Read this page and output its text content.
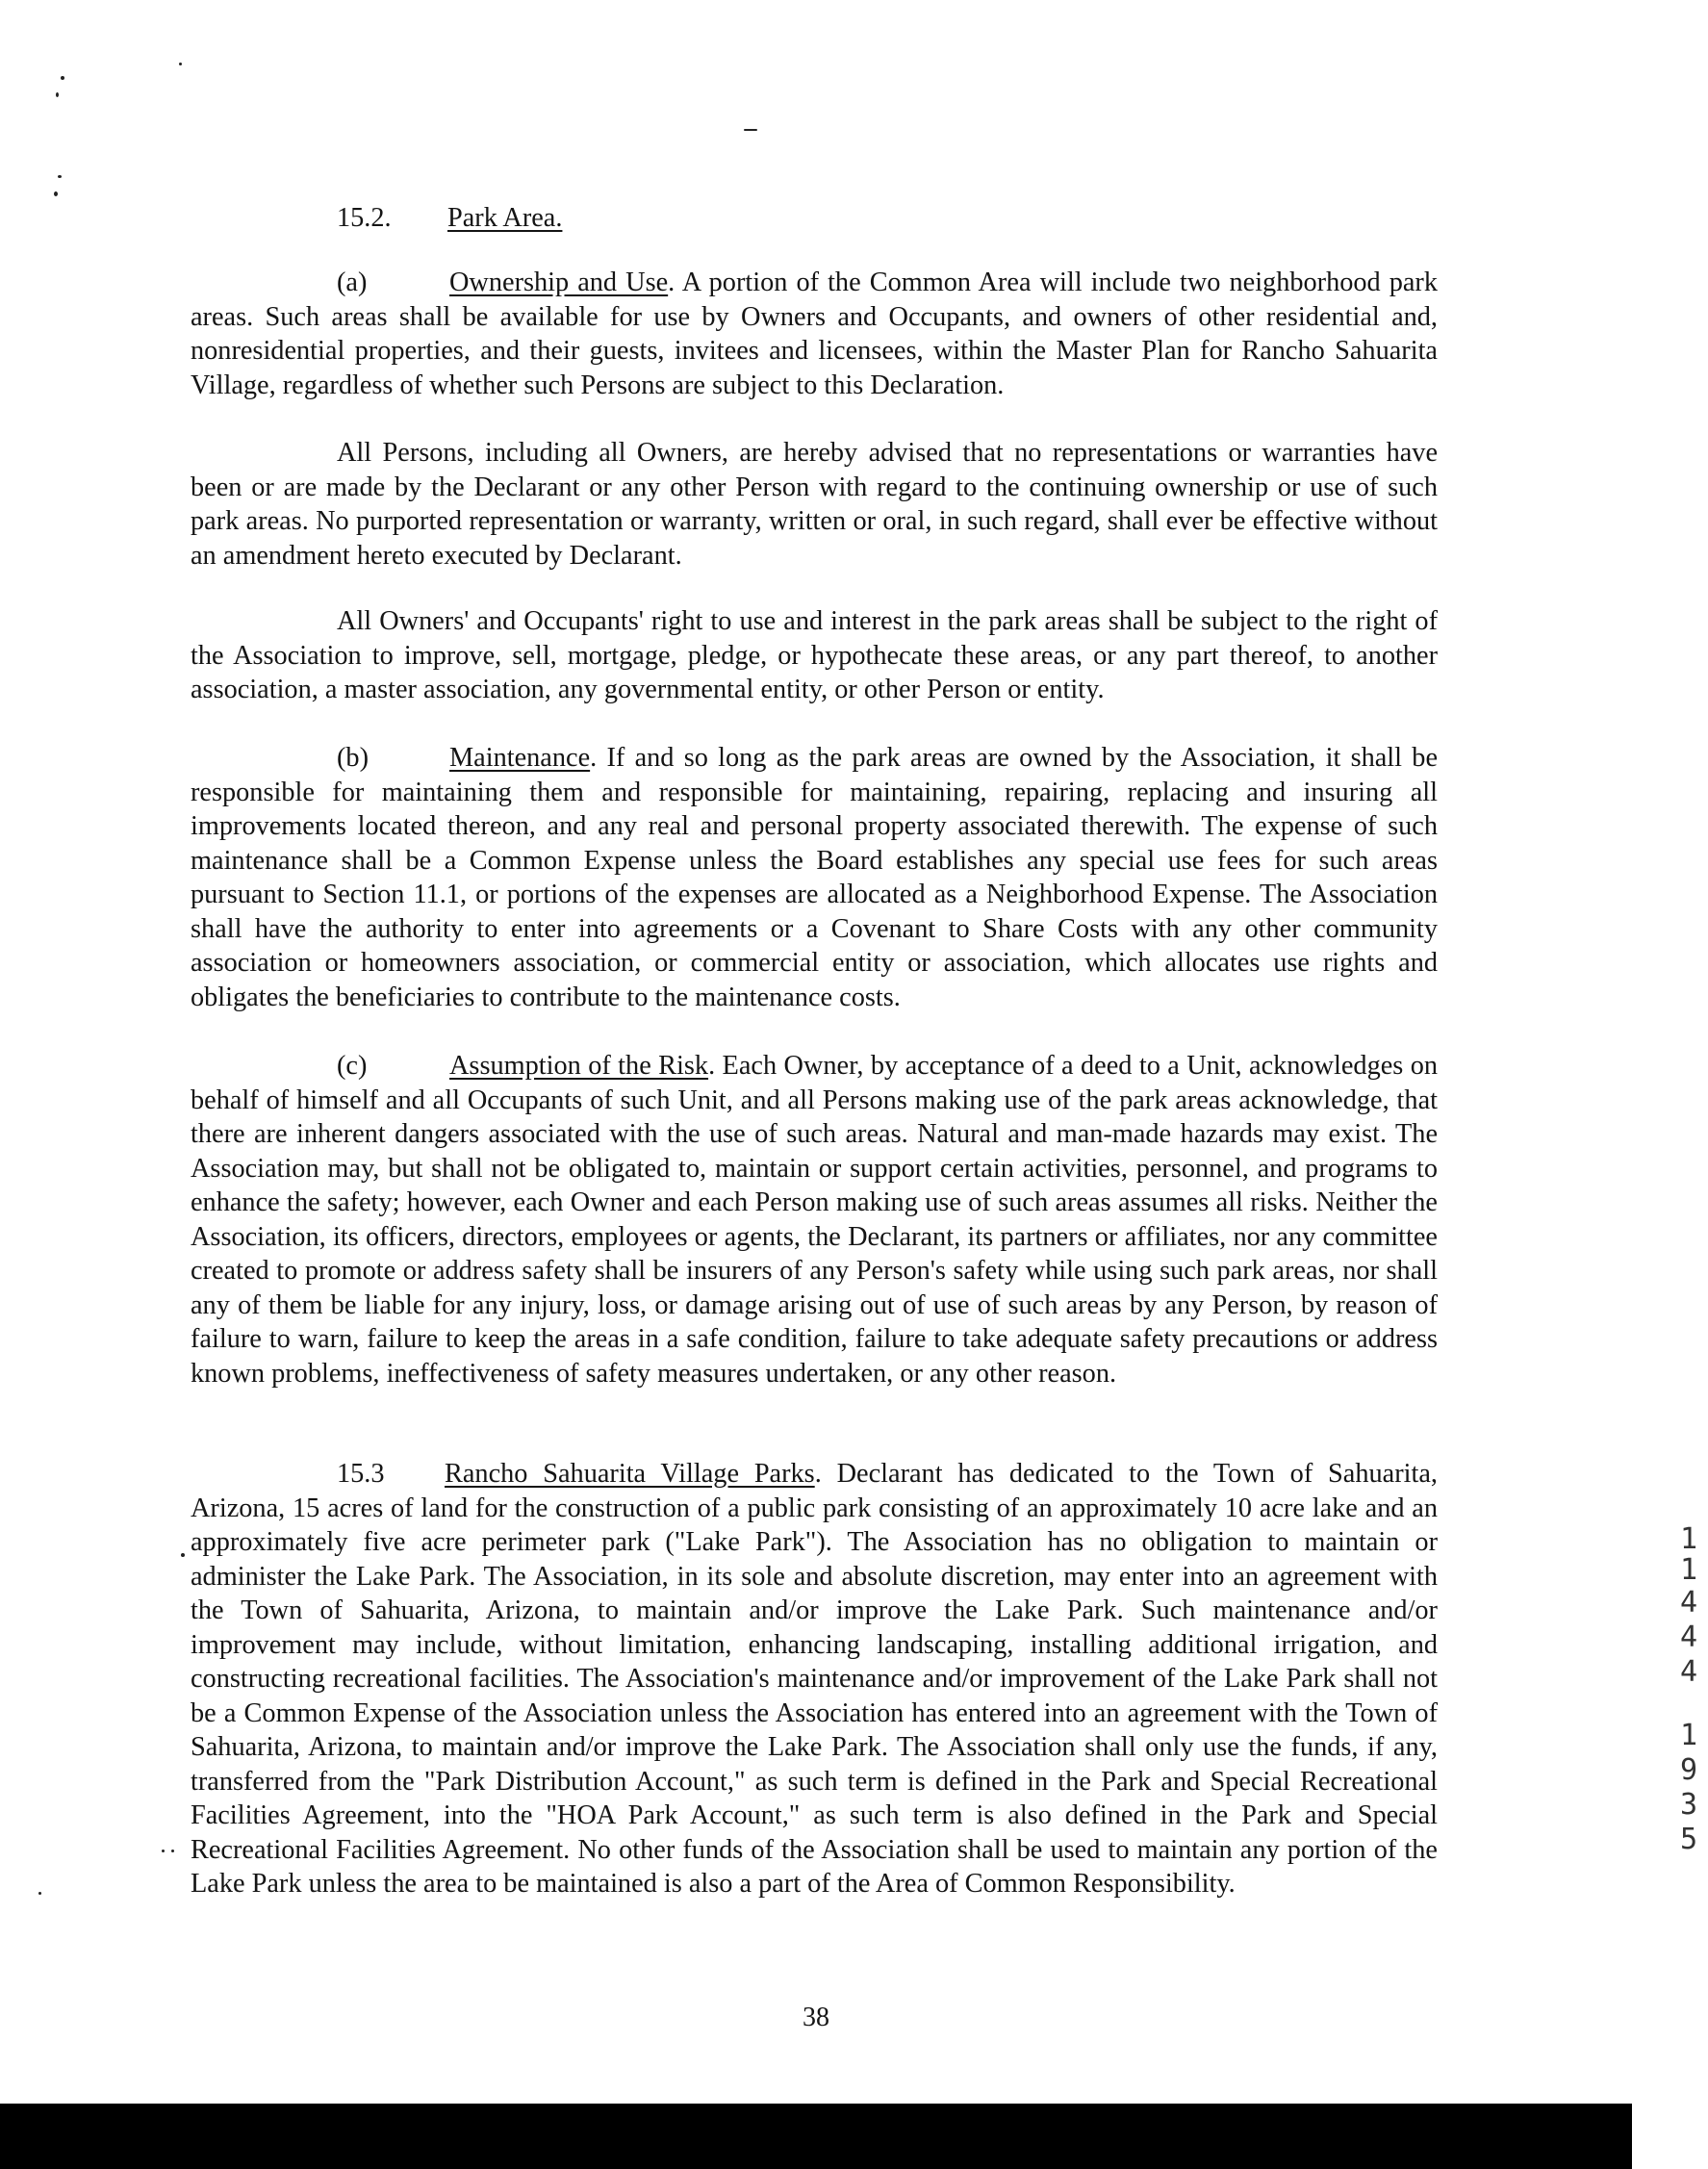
15.2. Park Area.

(a)	Ownership and Use. A portion of the Common Area will include two neighborhood park areas. Such areas shall be available for use by Owners and Occupants, and owners of other residential and, nonresidential properties, and their guests, invitees and licensees, within the Master Plan for Rancho Sahuarita Village, regardless of whether such Persons are subject to this Declaration.

All Persons, including all Owners, are hereby advised that no representations or warranties have been or are made by the Declarant or any other Person with regard to the continuing ownership or use of such park areas. No purported representation or warranty, written or oral, in such regard, shall ever be effective without an amendment hereto executed by Declarant.

All Owners' and Occupants' right to use and interest in the park areas shall be subject to the right of the Association to improve, sell, mortgage, pledge, or hypothecate these areas, or any part thereof, to another association, a master association, any governmental entity, or other Person or entity.

(b)	Maintenance. If and so long as the park areas are owned by the Association, it shall be responsible for maintaining them and responsible for maintaining, repairing, replacing and insuring all improvements located thereon, and any real and personal property associated therewith. The expense of such maintenance shall be a Common Expense unless the Board establishes any special use fees for such areas pursuant to Section 11.1, or portions of the expenses are allocated as a Neighborhood Expense. The Association shall have the authority to enter into agreements or a Covenant to Share Costs with any other community association or homeowners association, or commercial entity or association, which allocates use rights and obligates the beneficiaries to contribute to the maintenance costs.

(c)	Assumption of the Risk. Each Owner, by acceptance of a deed to a Unit, acknowledges on behalf of himself and all Occupants of such Unit, and all Persons making use of the park areas acknowledge, that there are inherent dangers associated with the use of such areas. Natural and man-made hazards may exist. The Association may, but shall not be obligated to, maintain or support certain activities, personnel, and programs to enhance the safety; however, each Owner and each Person making use of such areas assumes all risks. Neither the Association, its officers, directors, employees or agents, the Declarant, its partners or affiliates, nor any committee created to promote or address safety shall be insurers of any Person's safety while using such park areas, nor shall any of them be liable for any injury, loss, or damage arising out of use of such areas by any Person, by reason of failure to warn, failure to keep the areas in a safe condition, failure to take adequate safety precautions or address known problems, ineffectiveness of safety measures undertaken, or any other reason.

15.3 Rancho Sahuarita Village Parks. Declarant has dedicated to the Town of Sahuarita, Arizona, 15 acres of land for the construction of a public park consisting of an approximately 10 acre lake and an approximately five acre perimeter park ("Lake Park"). The Association has no obligation to maintain or administer the Lake Park. The Association, in its sole and absolute discretion, may enter into an agreement with the Town of Sahuarita, Arizona, to maintain and/or improve the Lake Park. Such maintenance and/or improvement may include, without limitation, enhancing landscaping, installing additional irrigation, and constructing recreational facilities. The Association's maintenance and/or improvement of the Lake Park shall not be a Common Expense of the Association unless the Association has entered into an agreement with the Town of Sahuarita, Arizona, to maintain and/or improve the Lake Park. The Association shall only use the funds, if any, transferred from the "Park Distribution Account," as such term is defined in the Park and Special Recreational Facilities Agreement, into the "HOA Park Account," as such term is also defined in the Park and Special Recreational Facilities Agreement. No other funds of the Association shall be used to maintain any portion of the Lake Park unless the area to be maintained is also a part of the Area of Common Responsibility.

38
1
1
4
4
4
1
9
3
5
